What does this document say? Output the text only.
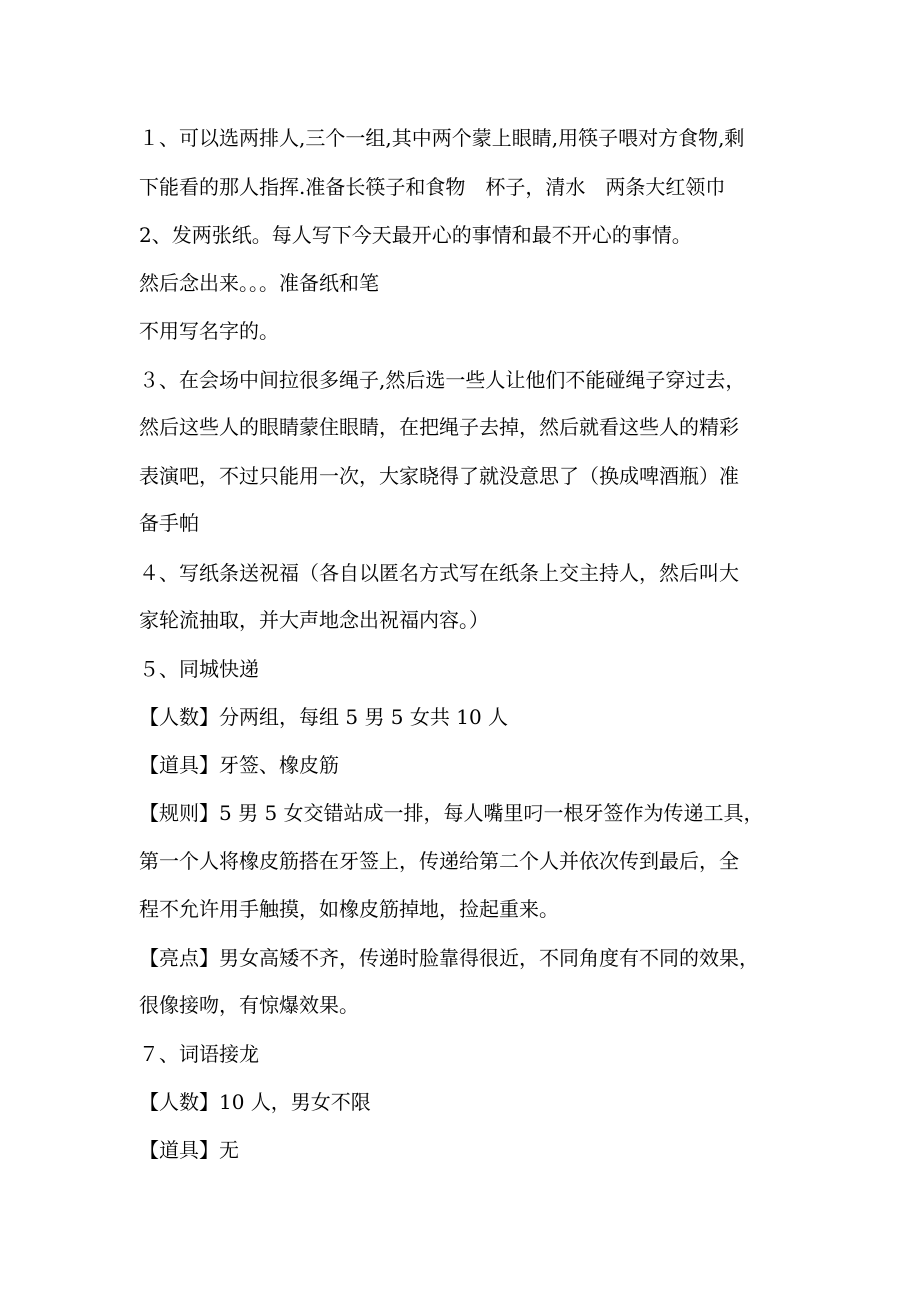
１、可以选两排人,三个一组,其中两个蒙上眼睛,用筷子喂对方食物,剩
下能看的那人指挥.准备长筷子和食物　杯子，清水　两条大红领巾
2、发两张纸。每人写下今天最开心的事情和最不开心的事情。
然后念出来。。。准备纸和笔
不用写名字的。
３、在会场中间拉很多绳子,然后选一些人让他们不能碰绳子穿过去，
然后这些人的眼睛蒙住眼睛，在把绳子去掉，然后就看这些人的精彩
表演吧，不过只能用一次，大家晓得了就没意思了（换成啤酒瓶）准
备手帕
４、写纸条送祝福（各自以匿名方式写在纸条上交主持人，然后叫大
家轮流抽取，并大声地念出祝福内容。）
５、同城快递
【人数】分两组，每组 5 男 5 女共 10 人
【道具】牙签、橡皮筋
【规则】5 男 5 女交错站成一排，每人嘴里叼一根牙签作为传递工具，
第一个人将橡皮筋搭在牙签上，传递给第二个人并依次传到最后，全
程不允许用手触摸，如橡皮筋掉地，捡起重来。
【亮点】男女高矮不齐，传递时脸靠得很近，不同角度有不同的效果，
很像接吻，有惊爆效果。
７、词语接龙
【人数】10 人，男女不限
【道具】无
